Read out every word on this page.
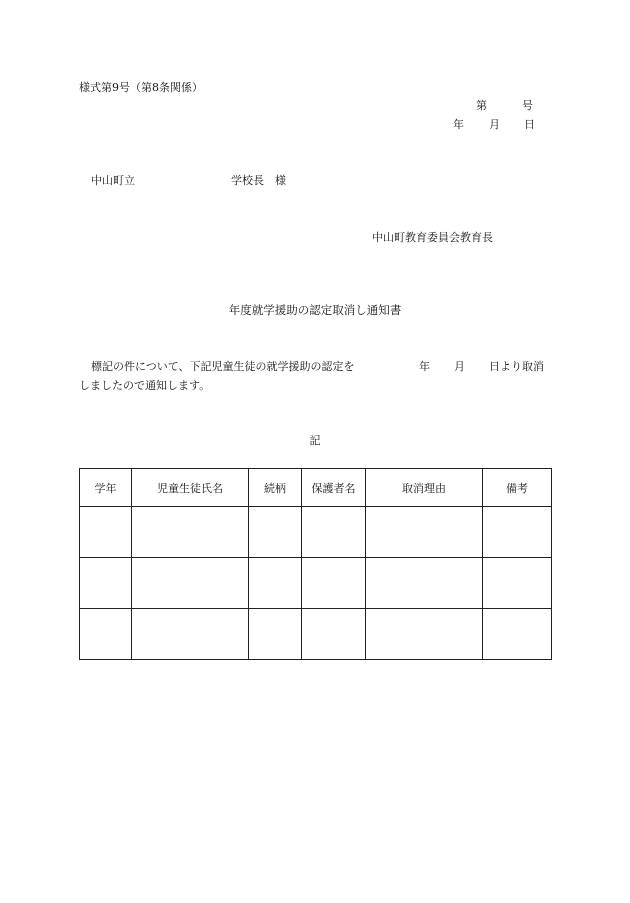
様式第9号（第8条関係）
第	号
年 月 日
中山町立	学校長　様
中山町教育委員会教育長
年度就学援助の認定取消し通知書
標記の件について、下記児童生徒の就学援助の認定を	年 月 日より取消
しましたので通知します。
記
学年	児童生徒氏名	続柄	保護者名	取消理由	備考
